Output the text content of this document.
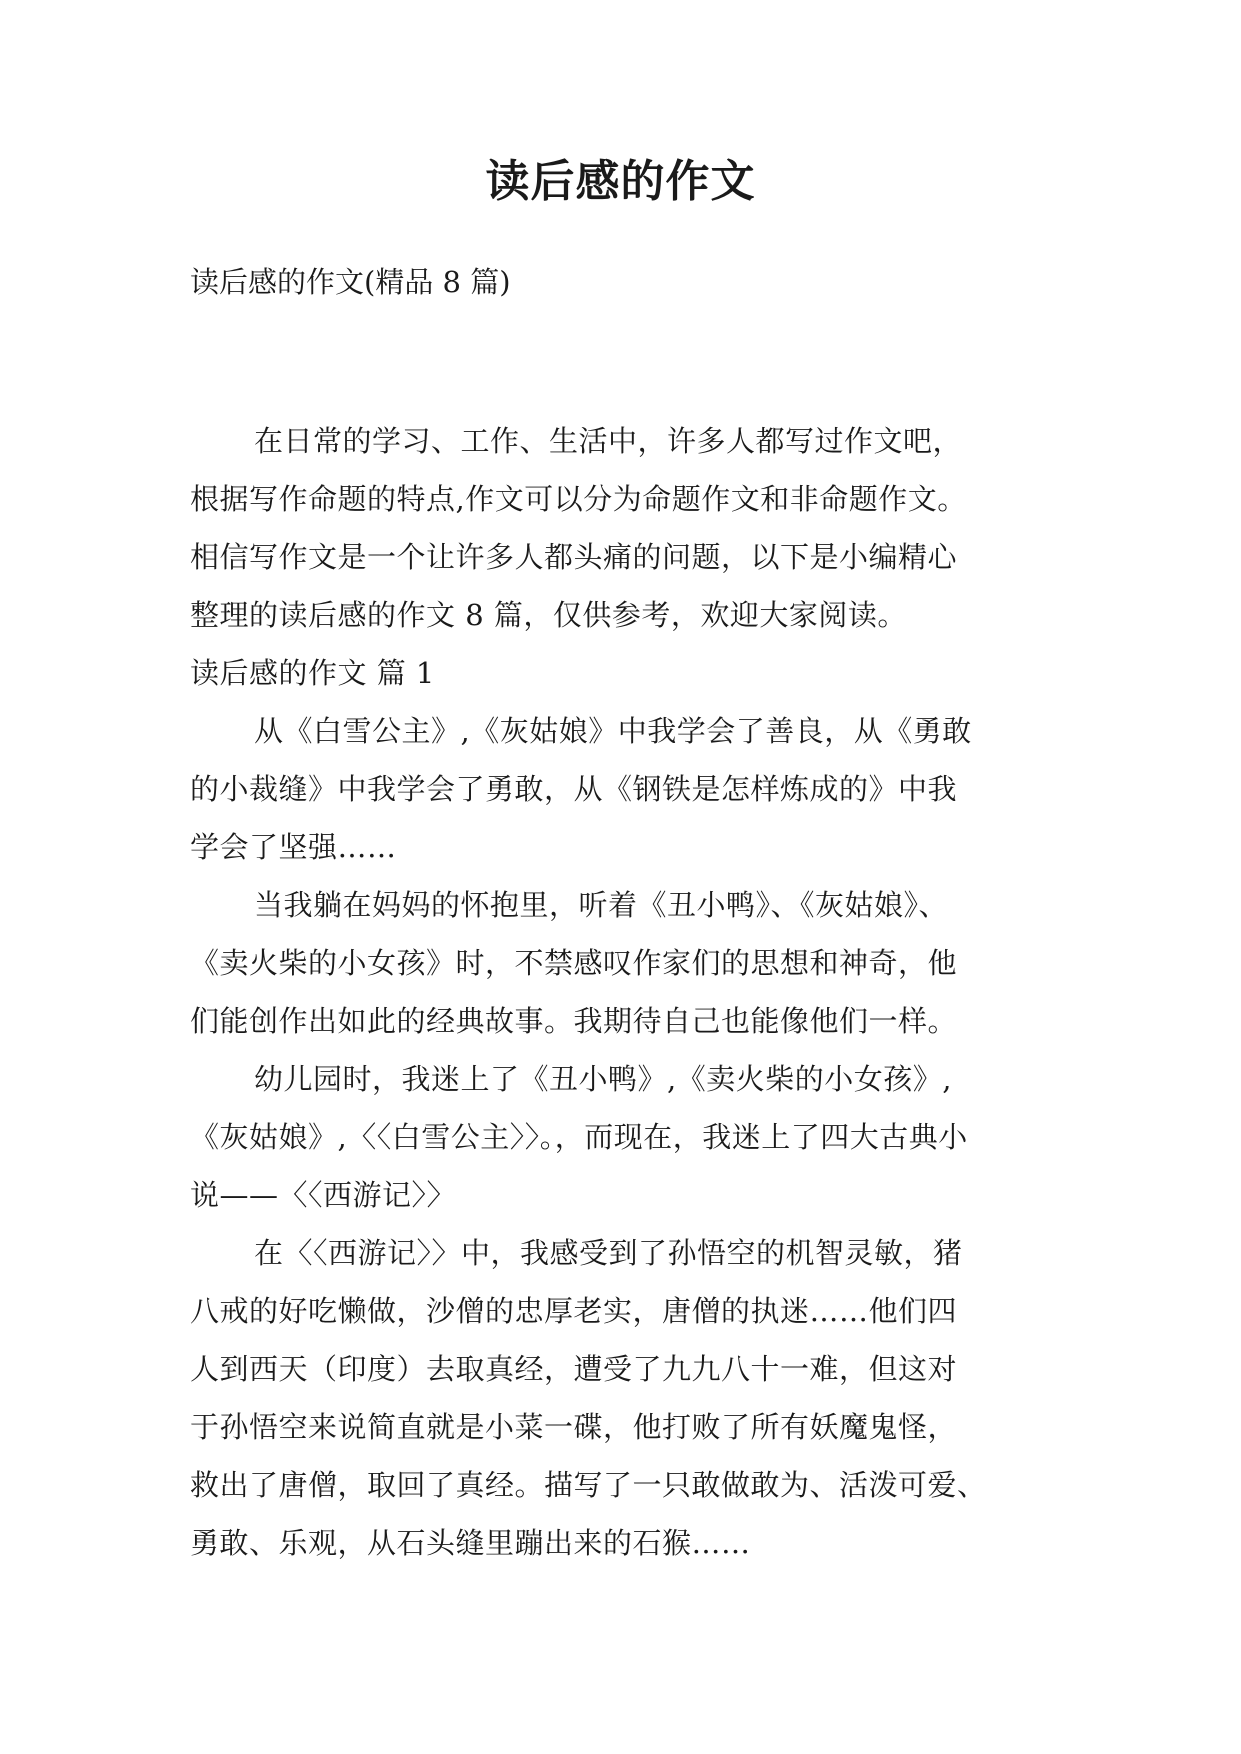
读后感的作文

读后感的作文(精品 8 篇)

在日常的学习、工作、生活中，许多人都写过作文吧，
根据写作命题的特点,作文可以分为命题作文和非命题作文。
相信写作文是一个让许多人都头痛的问题，以下是小编精心
整理的读后感的作文 8 篇，仅供参考，欢迎大家阅读。
读后感的作文 篇 1
从《白雪公主》,《灰姑娘》中我学会了善良，从《勇敢
的小裁缝》中我学会了勇敢，从《钢铁是怎样炼成的》中我
学会了坚强……
当我躺在妈妈的怀抱里，听着《丑小鸭》、《灰姑娘》、
《卖火柴的小女孩》时，不禁感叹作家们的思想和神奇，他
们能创作出如此的经典故事。我期待自己也能像他们一样。
幼儿园时，我迷上了《丑小鸭》,《卖火柴的小女孩》,
《灰姑娘》,〈〈白雪公主〉〉。，而现在，我迷上了四大古典小
说——〈〈西游记〉〉
在〈〈西游记〉〉中，我感受到了孙悟空的机智灵敏，猪
八戒的好吃懒做，沙僧的忠厚老实，唐僧的执迷……他们四
人到西天（印度）去取真经，遭受了九九八十一难，但这对
于孙悟空来说简直就是小菜一碟，他打败了所有妖魔鬼怪，
救出了唐僧，取回了真经。描写了一只敢做敢为、活泼可爱、
勇敢、乐观，从石头缝里蹦出来的石猴……
